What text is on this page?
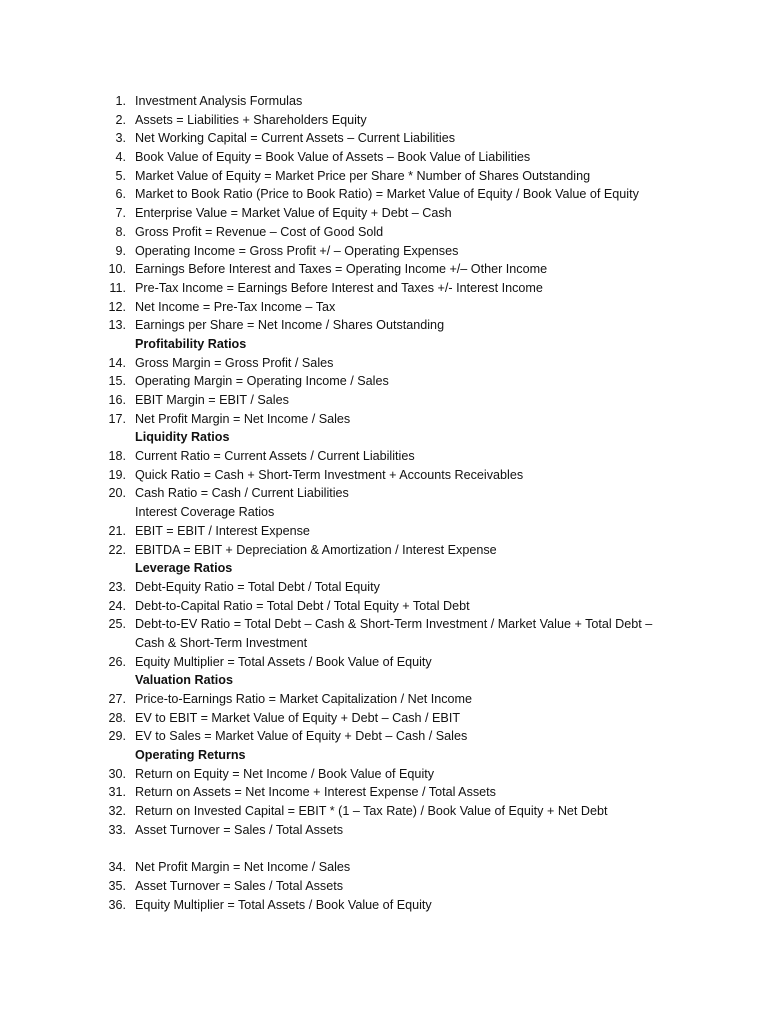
1. Investment Analysis Formulas
2. Assets = Liabilities + Shareholders Equity
3. Net Working Capital = Current Assets – Current Liabilities
4. Book Value of Equity = Book Value of Assets – Book Value of Liabilities
5. Market Value of Equity = Market Price per Share * Number of Shares Outstanding
6. Market to Book Ratio (Price to Book Ratio) = Market Value of Equity / Book Value of Equity
7. Enterprise Value = Market Value of Equity + Debt – Cash
8. Gross Profit = Revenue – Cost of Good Sold
9. Operating Income = Gross Profit +/ – Operating Expenses
10. Earnings Before Interest and Taxes = Operating Income +/– Other Income
11. Pre-Tax Income = Earnings Before Interest and Taxes +/- Interest Income
12. Net Income = Pre-Tax Income – Tax
13. Earnings per Share = Net Income / Shares Outstanding
Profitability Ratios
14. Gross Margin = Gross Profit / Sales
15. Operating Margin = Operating Income / Sales
16. EBIT Margin = EBIT / Sales
17. Net Profit Margin = Net Income / Sales
Liquidity Ratios
18. Current Ratio = Current Assets / Current Liabilities
19. Quick Ratio = Cash + Short-Term Investment + Accounts Receivables
20. Cash Ratio = Cash / Current Liabilities
Interest Coverage Ratios
21. EBIT = EBIT / Interest Expense
22. EBITDA = EBIT + Depreciation & Amortization / Interest Expense
Leverage Ratios
23. Debt-Equity Ratio = Total Debt / Total Equity
24. Debt-to-Capital Ratio = Total Debt / Total Equity + Total Debt
25. Debt-to-EV Ratio = Total Debt – Cash & Short-Term Investment / Market Value + Total Debt –
Cash & Short-Term Investment
26. Equity Multiplier = Total Assets / Book Value of Equity
Valuation Ratios
27. Price-to-Earnings Ratio = Market Capitalization / Net Income
28. EV to EBIT = Market Value of Equity + Debt – Cash / EBIT
29. EV to Sales = Market Value of Equity + Debt – Cash / Sales
Operating Returns
30. Return on Equity = Net Income / Book Value of Equity
31. Return on Assets = Net Income + Interest Expense / Total Assets
32. Return on Invested Capital = EBIT * (1 – Tax Rate) / Book Value of Equity + Net Debt
33. Asset Turnover = Sales / Total Assets
34. Net Profit Margin = Net Income / Sales
35. Asset Turnover = Sales / Total Assets
36. Equity Multiplier = Total Assets / Book Value of Equity
